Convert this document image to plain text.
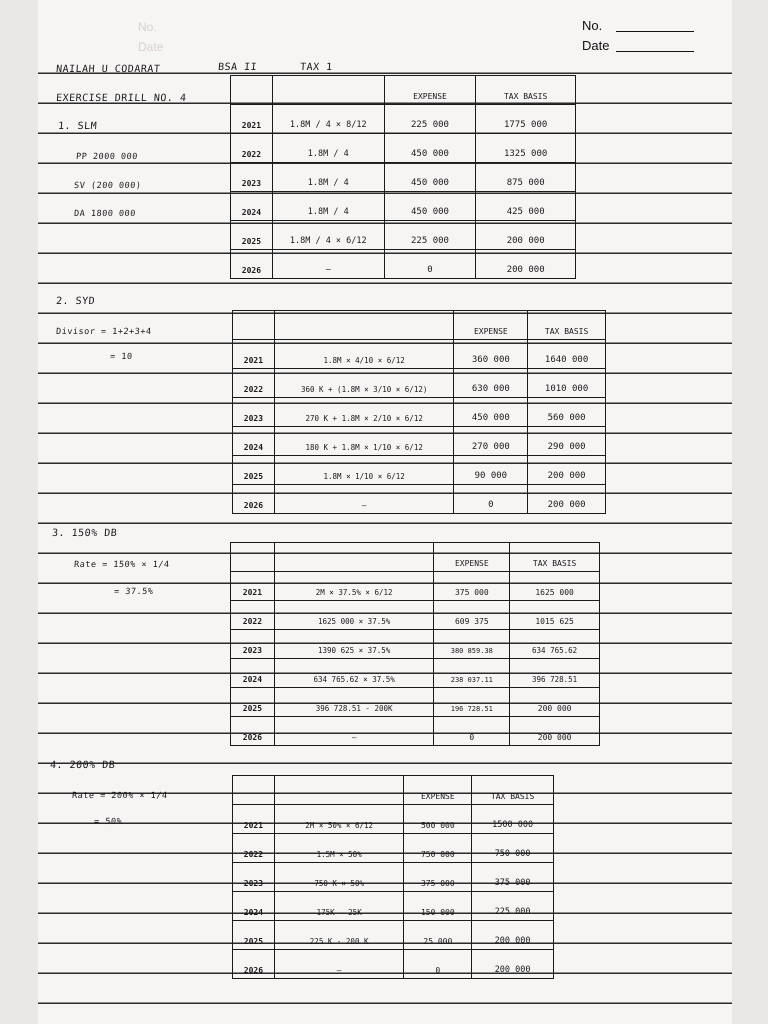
No.
Date
No.
Date
NAILAH U CODARAT	BSA II	TAX 1
EXERCISE DRILL NO. 4
1. SLM
PP 2000 000
SV (200 000)
DA 1800 000
		EXPENSE	TAX BASIS
2021	1.8M / 4 × 8/12	225 000	1775 000
2022	1.8M / 4	450 000	1325 000
2023	1.8M / 4	450 000	875 000
2024	1.8M / 4	450 000	425 000
2025	1.8M / 4 × 6/12	225 000	200 000
2026	—	0	200 000
2. SYD
Divisor = 1+2+3+4
= 10
		EXPENSE	TAX BASIS
2021	1.8M × 4/10 × 6/12	360 000	1640 000
2022	360 K + (1.8M × 3/10 × 6/12)	630 000	1010 000
2023	270 K + 1.8M × 2/10 × 6/12	450 000	560 000
2024	180 K + 1.8M × 1/10 × 6/12	270 000	290 000
2025	1.8M × 1/10 × 6/12	90 000	200 000
2026	—	0	200 000
3. 150% DB
Rate = 150% × 1/4
= 37.5%
		EXPENSE	TAX BASIS
2021	2M × 37.5% × 6/12	375 000	1625 000
2022	1625 000 × 37.5%	609 375	1015 625
2023	1390 625 × 37.5%	380 859.38	634 765.62
2024	634 765.62 × 37.5%	238 037.11	396 728.51
2025	396 728.51 - 200K	196 728.51	200 000
2026	—	0	200 000
4. 200% DB
Rate = 200% × 1/4
= 50%
		EXPENSE	TAX BASIS
2021	2M × 50% × 6/12	500 000	1500 000
2022	1.5M × 50%	750 000	750 000
2023	750 K × 50%	375 000	375 000
2024	175K - 25K	150 000	225 000
2025	225 K - 200 K	25 000	200 000
2026	—	0	200 000
